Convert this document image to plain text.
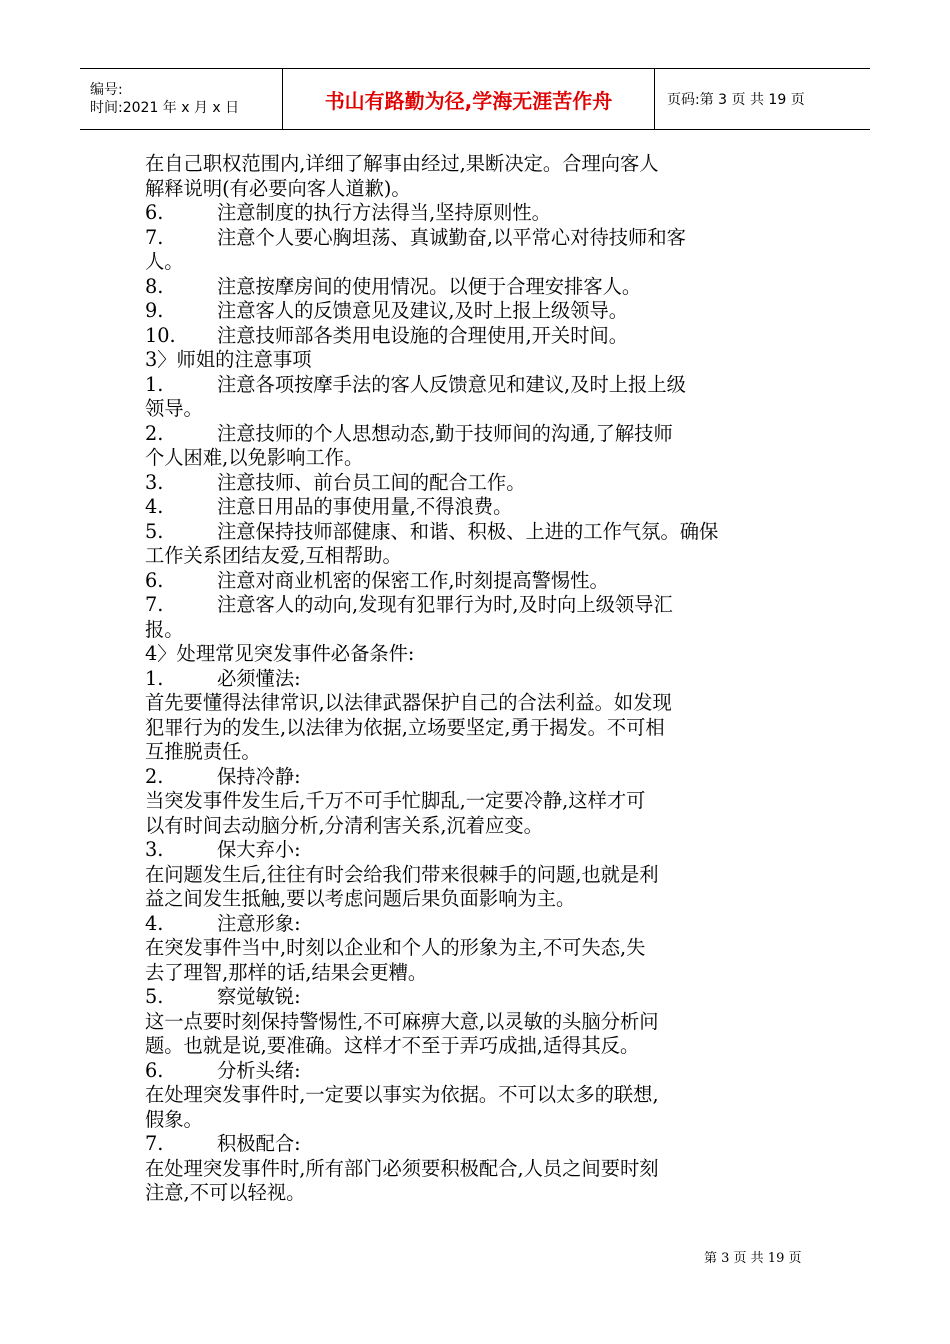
编号:
时间:2021 年 x 月 x 日	书山有路勤为径,学海无涯苦作舟	页码:第 3 页 共 19 页
在自己职权范围内,详细了解事由经过,果断决定。合理向客人
解释说明(有必要向客人道歉)。
6.	注意制度的执行方法得当,坚持原则性。
7.	注意个人要心胸坦荡、真诚勤奋,以平常心对待技师和客
人。
8.	注意按摩房间的使用情况。以便于合理安排客人。
9.	注意客人的反馈意见及建议,及时上报上级领导。
10. 注意技师部各类用电设施的合理使用,开关时间。
3〉师姐的注意事项
1.	注意各项按摩手法的客人反馈意见和建议,及时上报上级
领导。
2.	注意技师的个人思想动态,勤于技师间的沟通,了解技师
个人困难,以免影响工作。
3.	注意技师、前台员工间的配合工作。
4.	注意日用品的事使用量,不得浪费。
5.	注意保持技师部健康、和谐、积极、上进的工作气氛。确保
工作关系团结友爱,互相帮助。
6.	注意对商业机密的保密工作,时刻提高警惕性。
7.	注意客人的动向,发现有犯罪行为时,及时向上级领导汇
报。
4〉处理常见突发事件必备条件:
1.	必须懂法:
首先要懂得法律常识,以法律武器保护自己的合法利益。如发现
犯罪行为的发生,以法律为依据,立场要坚定,勇于揭发。不可相
互推脱责任。
2.	保持冷静:
当突发事件发生后,千万不可手忙脚乱,一定要冷静,这样才可
以有时间去动脑分析,分清利害关系,沉着应变。
3.	保大弃小:
在问题发生后,往往有时会给我们带来很棘手的问题,也就是利
益之间发生抵触,要以考虑问题后果负面影响为主。
4.	注意形象:
在突发事件当中,时刻以企业和个人的形象为主,不可失态,失
去了理智,那样的话,结果会更糟。
5.	察觉敏锐:
这一点要时刻保持警惕性,不可麻痹大意,以灵敏的头脑分析问
题。也就是说,要准确。这样才不至于弄巧成拙,适得其反。
6.	分析头绪:
在处理突发事件时,一定要以事实为依据。不可以太多的联想,
假象。
7.	积极配合:
在处理突发事件时,所有部门必须要积极配合,人员之间要时刻
注意,不可以轻视。
第 3 页 共 19 页
